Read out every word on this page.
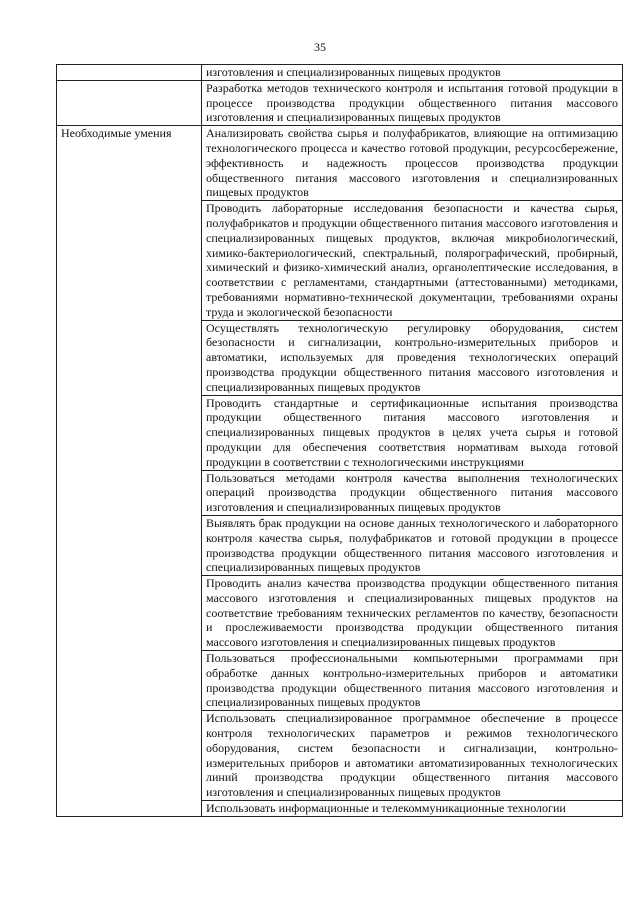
35

	изготовления и специализированных пищевых продуктов

	Разработка методов технического контроля и испытания готовой продукции в процессе производства продукции общественного питания массового изготовления и специализированных пищевых продуктов

Необходимые умения	Анализировать свойства сырья и полуфабрикатов, влияющие на оптимизацию технологического процесса и качество готовой продукции, ресурсосбережение, эффективность и надежность процессов производства продукции общественного питания массового изготовления и специализированных пищевых продуктов

	Проводить лабораторные исследования безопасности и качества сырья, полуфабрикатов и продукции общественного питания массового изготовления и специализированных пищевых продуктов, включая микробиологический, химико-бактериологический, спектральный, полярографический, пробирный, химический и физико-химический анализ, органолептические исследования, в соответствии с регламентами, стандартными (аттестованными) методиками, требованиями нормативно-технической документации, требованиями охраны труда и экологической безопасности

	Осуществлять технологическую регулировку оборудования, систем безопасности и сигнализации, контрольно-измерительных приборов и автоматики, используемых для проведения технологических операций производства продукции общественного питания массового изготовления и специализированных пищевых продуктов

	Проводить стандартные и сертификационные испытания производства продукции общественного питания массового изготовления и специализированных пищевых продуктов в целях учета сырья и готовой продукции для обеспечения соответствия нормативам выхода готовой продукции в соответствии с технологическими инструкциями

	Пользоваться методами контроля качества выполнения технологических операций производства продукции общественного питания массового изготовления и специализированных пищевых продуктов

	Выявлять брак продукции на основе данных технологического и лабораторного контроля качества сырья, полуфабрикатов и готовой продукции в процессе производства продукции общественного питания массового изготовления и специализированных пищевых продуктов

	Проводить анализ качества производства продукции общественного питания массового изготовления и специализированных пищевых продуктов на соответствие требованиям технических регламентов по качеству, безопасности и прослеживаемости производства продукции общественного питания массового изготовления и специализированных пищевых продуктов

	Пользоваться профессиональными компьютерными программами при обработке данных контрольно-измерительных приборов и автоматики производства продукции общественного питания массового изготовления и специализированных пищевых продуктов

	Использовать специализированное программное обеспечение в процессе контроля технологических параметров и режимов технологического оборудования, систем безопасности и сигнализации, контрольно-измерительных приборов и автоматики автоматизированных технологических линий производства продукции общественного питания массового изготовления и специализированных пищевых продуктов

	Использовать информационные и телекоммуникационные технологии
